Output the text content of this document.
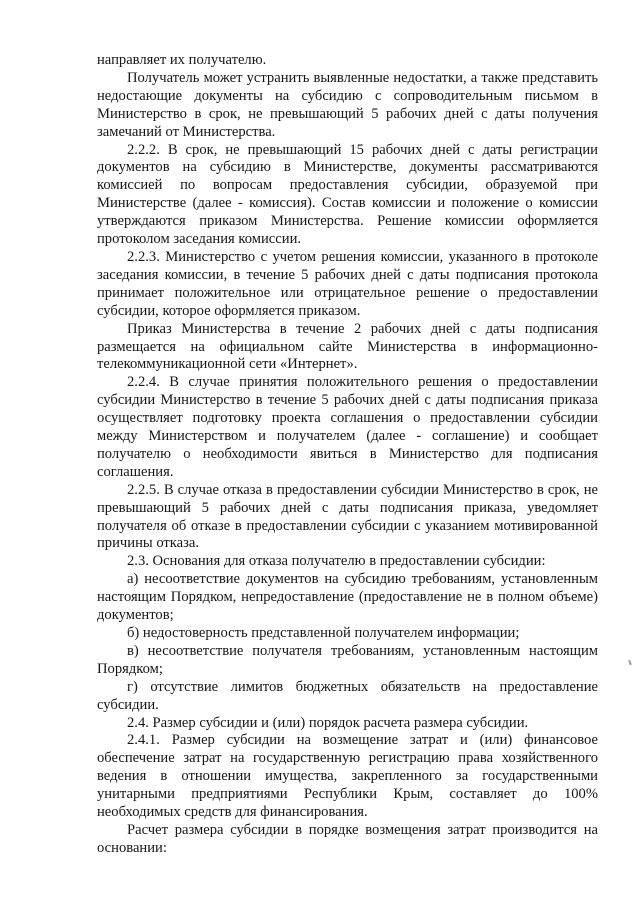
направляет их получателю.

Получатель может устранить выявленные недостатки, а также представить недостающие документы на субсидию с сопроводительным письмом в Министерство в срок, не превышающий 5 рабочих дней с даты получения замечаний от Министерства.

2.2.2. В срок, не превышающий 15 рабочих дней с даты регистрации документов на субсидию в Министерстве, документы рассматриваются комиссией по вопросам предоставления субсидии, образуемой при Министерстве (далее - комиссия). Состав комиссии и положение о комиссии утверждаются приказом Министерства. Решение комиссии оформляется протоколом заседания комиссии.

2.2.3. Министерство с учетом решения комиссии, указанного в протоколе заседания комиссии, в течение 5 рабочих дней с даты подписания протокола принимает положительное или отрицательное решение о предоставлении субсидии, которое оформляется приказом.

Приказ Министерства в течение 2 рабочих дней с даты подписания размещается на официальном сайте Министерства в информационно-телекоммуникационной сети «Интернет».

2.2.4. В случае принятия положительного решения о предоставлении субсидии Министерство в течение 5 рабочих дней с даты подписания приказа осуществляет подготовку проекта соглашения о предоставлении субсидии между Министерством и получателем (далее - соглашение) и сообщает получателю о необходимости явиться в Министерство для подписания соглашения.

2.2.5. В случае отказа в предоставлении субсидии Министерство в срок, не превышающий 5 рабочих дней с даты подписания приказа, уведомляет получателя об отказе в предоставлении субсидии с указанием мотивированной причины отказа.

2.3. Основания для отказа получателю в предоставлении субсидии:

а) несоответствие документов на субсидию требованиям, установленным настоящим Порядком, непредоставление (предоставление не в полном объеме) документов;

б) недостоверность представленной получателем информации;

в) несоответствие получателя требованиям, установленным настоящим Порядком;

г) отсутствие лимитов бюджетных обязательств на предоставление субсидии.

2.4. Размер субсидии и (или) порядок расчета размера субсидии.

2.4.1. Размер субсидии на возмещение затрат и (или) финансовое обеспечение затрат на государственную регистрацию права хозяйственного ведения в отношении имущества, закрепленного за государственными унитарными предприятиями Республики Крым, составляет до 100% необходимых средств для финансирования.

Расчет размера субсидии в порядке возмещения затрат производится на основании:
